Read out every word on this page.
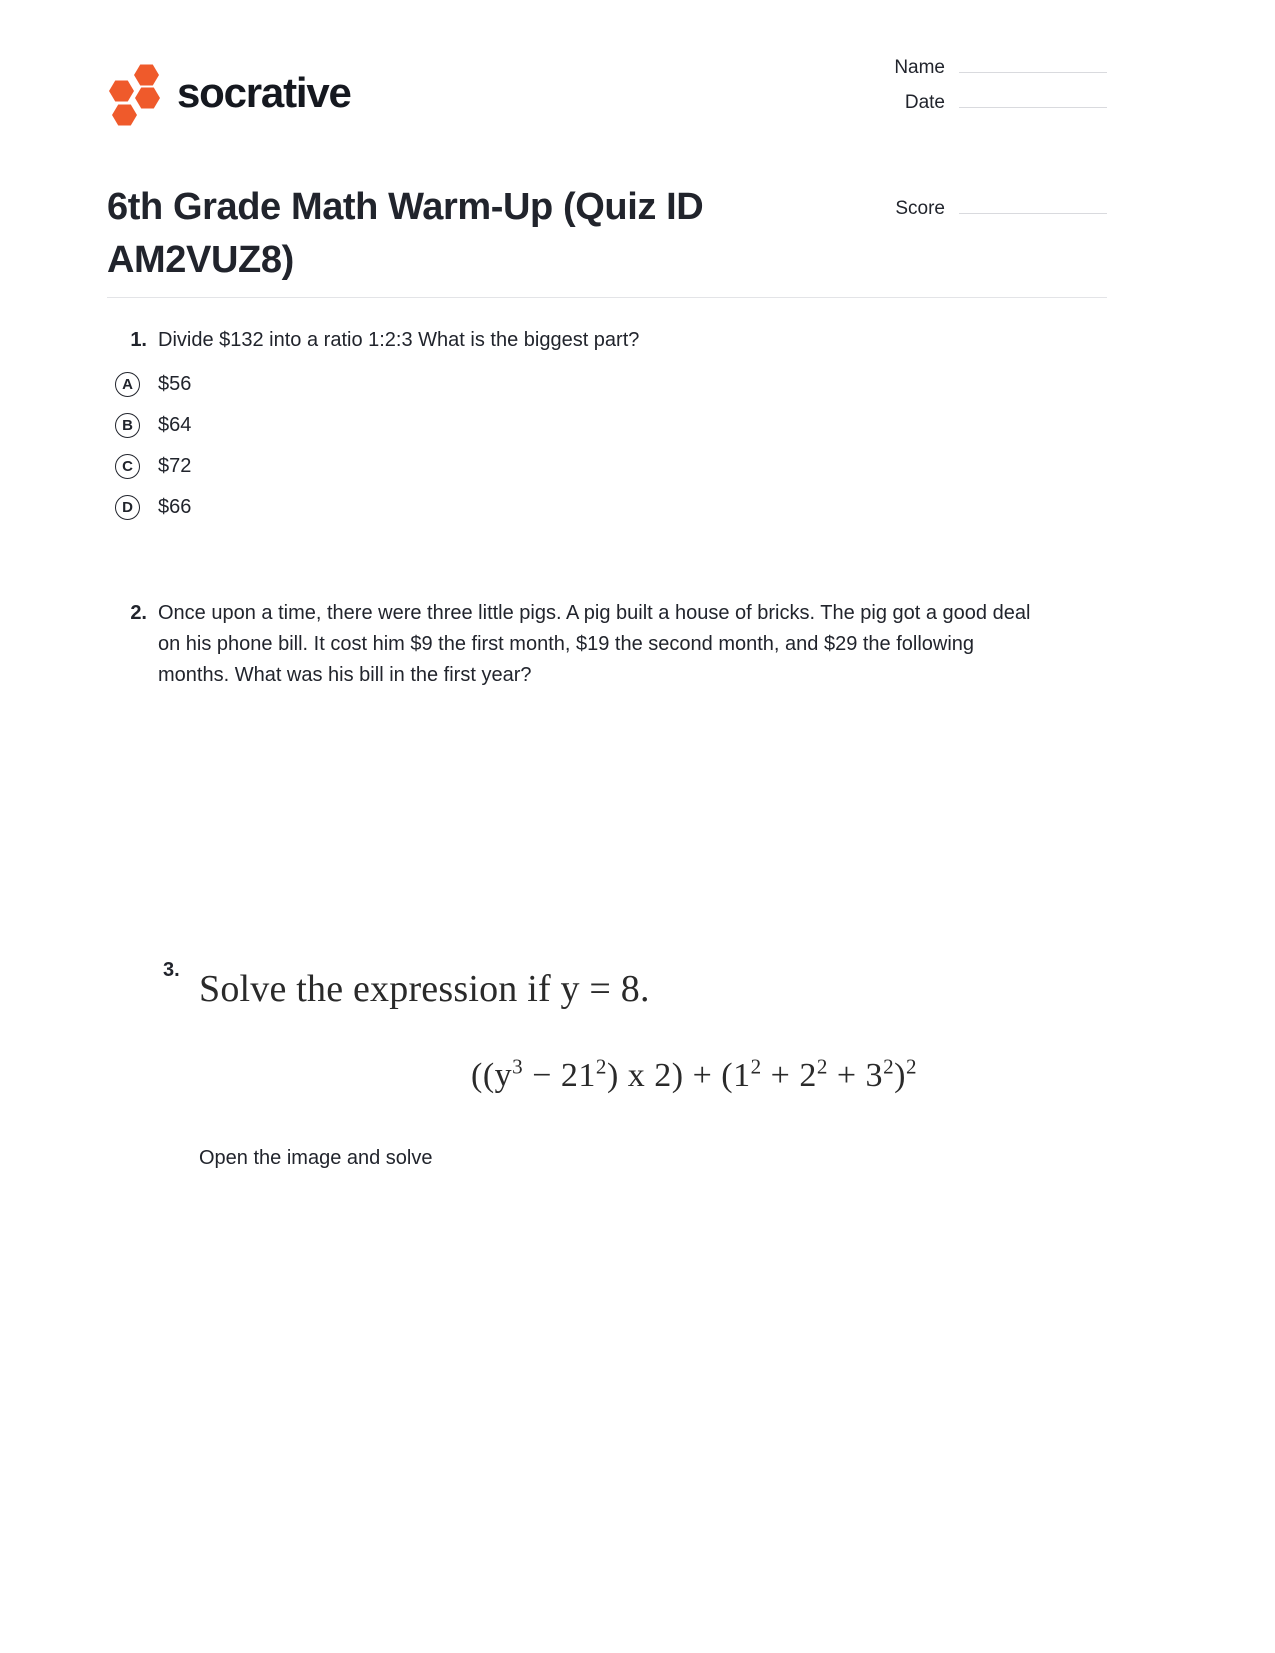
socrative
6th Grade Math Warm-Up (Quiz ID AM2VUZ8)
Name
Date
Score
1. Divide $132 into a ratio 1:2:3 What is the biggest part?
A	$56
B	$64
C	$72
D	$66
2. Once upon a time, there were three little pigs. A pig built a house of bricks. The pig got a good deal on his phone bill. It cost him $9 the first month, $19 the second month, and $29 the following months. What was his bill in the first year?
3. Solve the expression if y = 8.
($(y^3 - 21^2)$ x $2) + (1^2 + 2^2 + 3^2)^2$
Open the image and solve
